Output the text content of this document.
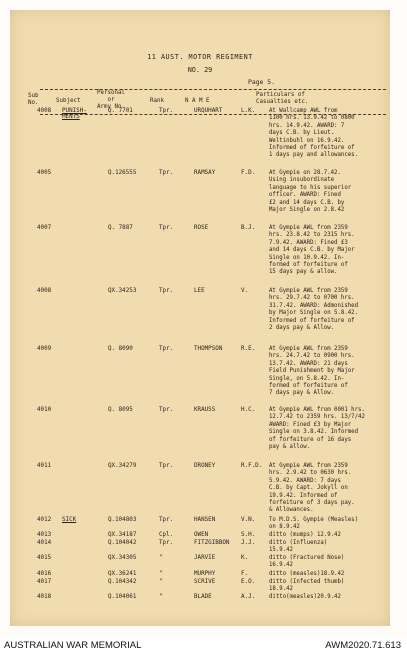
11 AUST. MOTOR REGIMENT
NO. 29
Page 5.
Sub
No.	Subject
Personal
or
Army No.
Rank	N A M E
Particulars of
Casualties etc.
4008 PUNISH-
MENTS
Q. 7701	Tpr.	URQUHART	L.K. At Wallcamp AWL from
1100 hrs. 13.9.42 to 0800
hrs. 14.9.42. AWARD: 7
days C.B. by Lieut.
Weltinbuhl on 16.9.42.
Informed of forfeiture of
1 days pay and allowances.
4005	Q.126555	Tpr.	RAMSAY	F.D. At Gympie on 28.7.42.
Using insubordinate
language to his superior
officer. AWARD: Fined
£2 and 14 days C.B. by
Major Single on 2.8.42
4007	Q. 7887	Tpr.	ROSE	B.J. At Gympie AWL from 2359
hrs. 23.8.42 to 2315 hrs.
7.9.42. AWARD: Fined £3
and 14 days C.B. by Major
Single on 10.9.42. In-
formed of forfeiture of
15 days pay & allow.
4008	QX.34253	Tpr.	LEE	V.	At Gympie AWL from 2359
hrs. 29.7.42 to 0700 hrs.
31.7.42. AWARD: Admonished
by Major Single on 5.8.42.
Informed of forfeiture of
2 days pay & Allow.
4009	Q. 8090	Tpr.	THOMPSON	R.E. At Gympie AWL from 2359
hrs. 24.7.42 to 0900 hrs.
13.7.42. AWARD: 21 days
Field Punishment by Major
Single, on 5.8.42. In-
formed of forfeiture of
7 days pay & Allow.
4010	Q. 8095	Tpr.	KRAUSS	H.C. At Gympie AWL from 0001 hrs.
12.7.42 to 2359 hrs. 13/7/42
AWARD: Fined £3 by Major
Single on 3.8.42. Informed
of forfeiture of 16 days
pay & allow.
4011	QX.34279	Tpr.	DRONEY	R.F.D. At Gympie AWL from 2359
hrs. 2.9.42 to 0630 hrs.
5.9.42. AWARD: 7 days
C.B. by Capt. Jokyll on
19.9.42. Informed of
forfeiture of 3 days pay.
& Allowances.
4012 SICK	Q.104803	Tpr.	HANSEN	V.N. To M.D.S. Gympie (Measles)
on 8.9.42
4013	QX.34187	Cpl.	OWEN	S.H. ditto (mumps) 12.9.42
4014	Q.104042	Tpr.	FITZGIBBON J.J. ditto (Influenza)
15.9.42
4015	QX.34305	"	JARVIE	K.	ditto (Fractured Nose)
16.9.42
4016	QX.36241	"	MURPHY	F.	ditto (measles)18.9.42
4017	Q.104342	"	SCRIVE	E.O. ditto (Infected thumb)
18.9.42
4018	Q.104061	"	BLADE	A.J. ditto(measles)20.9.42
AUSTRALIAN WAR MEMORIAL	AWM2020.71.613
